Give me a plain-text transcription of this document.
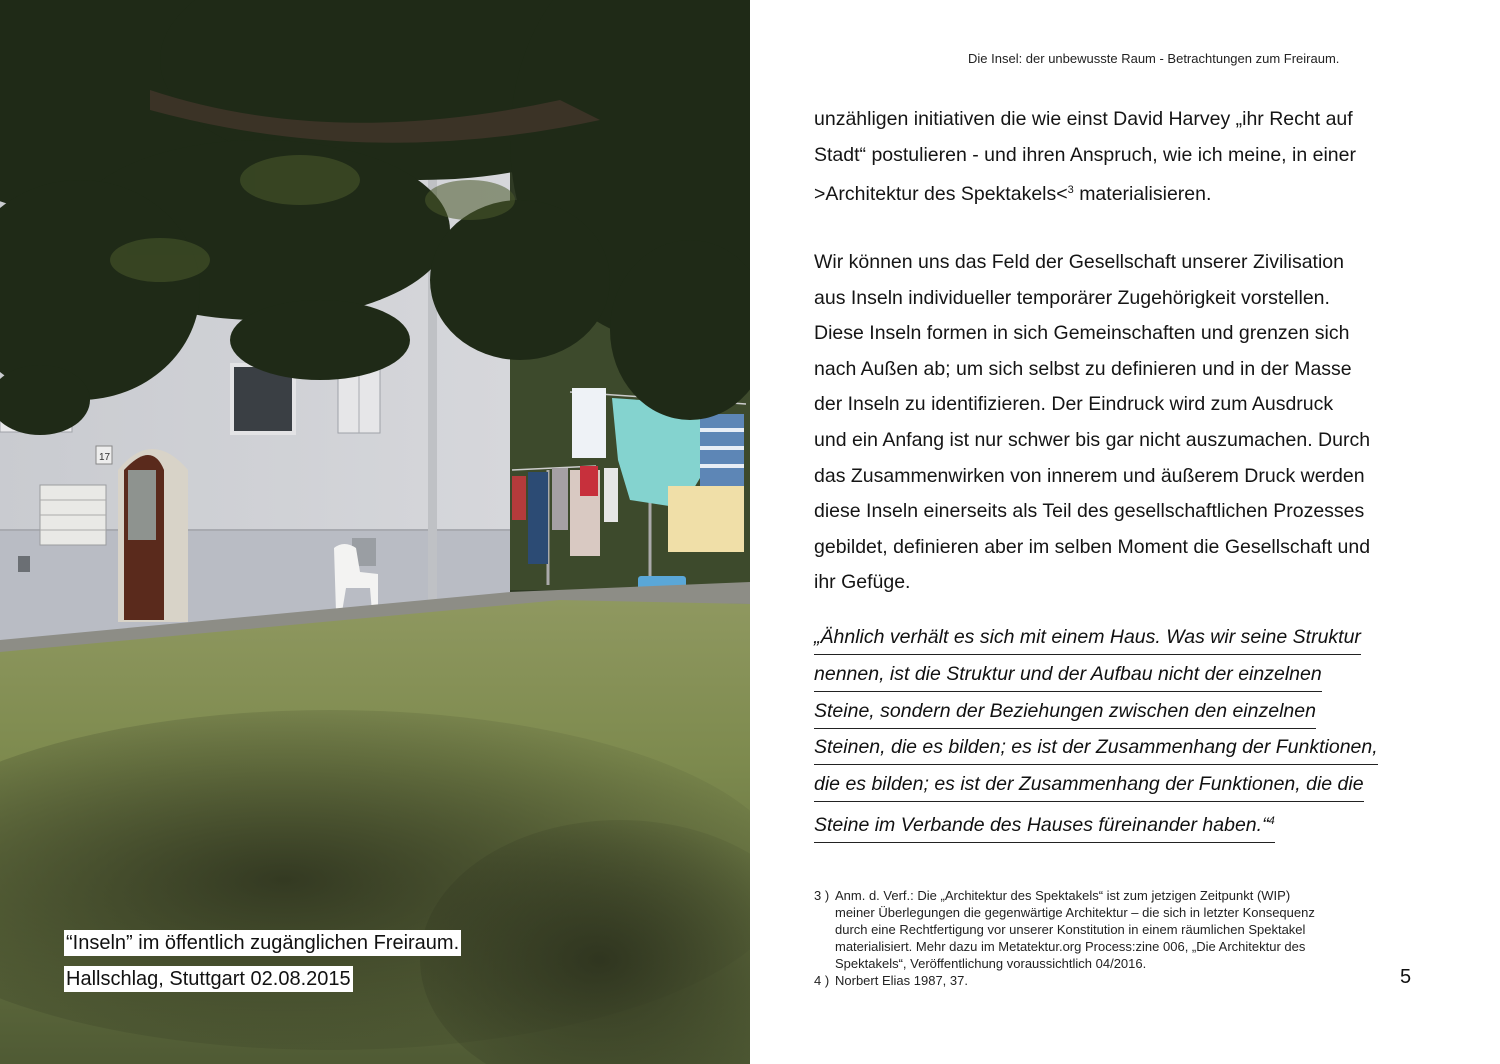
17
“Inseln” im öffentlich zugänglichen Freiraum.
Hallschlag, Stuttgart 02.08.2015
Die Insel: der unbewusste Raum - Betrachtungen zum Freiraum.

unzähligen initiativen die wie einst David Harvey „ihr Recht auf
Stadt“ postulieren - und ihren Anspruch, wie ich meine, in einer
>Architektur des Spektakels<$^3$ materialisieren.

Wir können uns das Feld der Gesellschaft unserer Zivilisation
aus Inseln individueller temporärer Zugehörigkeit vorstellen.
Diese Inseln formen in sich Gemeinschaften und grenzen sich
nach Außen ab; um sich selbst zu definieren und in der Masse
der Inseln zu identifizieren. Der Eindruck wird zum Ausdruck
und ein Anfang ist nur schwer bis gar nicht auszumachen. Durch
das Zusammenwirken von innerem und äußerem Druck werden
diese Inseln einerseits als Teil des gesellschaftlichen Prozesses
gebildet, definieren aber im selben Moment die Gesellschaft und
ihr Gefüge.

„Ähnlich verhält es sich mit einem Haus. Was wir seine Struktur
nennen, ist die Struktur und der Aufbau nicht der einzelnen
Steine, sondern der Beziehungen zwischen den einzelnen
Steinen, die es bilden; es ist der Zusammenhang der Funktionen,
die es bilden; es ist der Zusammenhang der Funktionen, die die
Steine im Verbande des Hauses füreinander haben.“$^4$
3 ) Anm. d. Verf.: Die „Architektur des Spektakels“ ist zum jetzigen Zeitpunkt (WIP)
meiner Überlegungen die gegenwärtige Architektur – die sich in letzter Konsequenz
durch eine Rechtfertigung vor unserer Konstitution in einem räumlichen Spektakel
materialisiert. Mehr dazu im Metatektur.org Process:zine 006, „Die Architektur des
Spektakels“, Veröffentlichung voraussichtlich 04/2016.
4 ) Norbert Elias 1987, 37.	5
